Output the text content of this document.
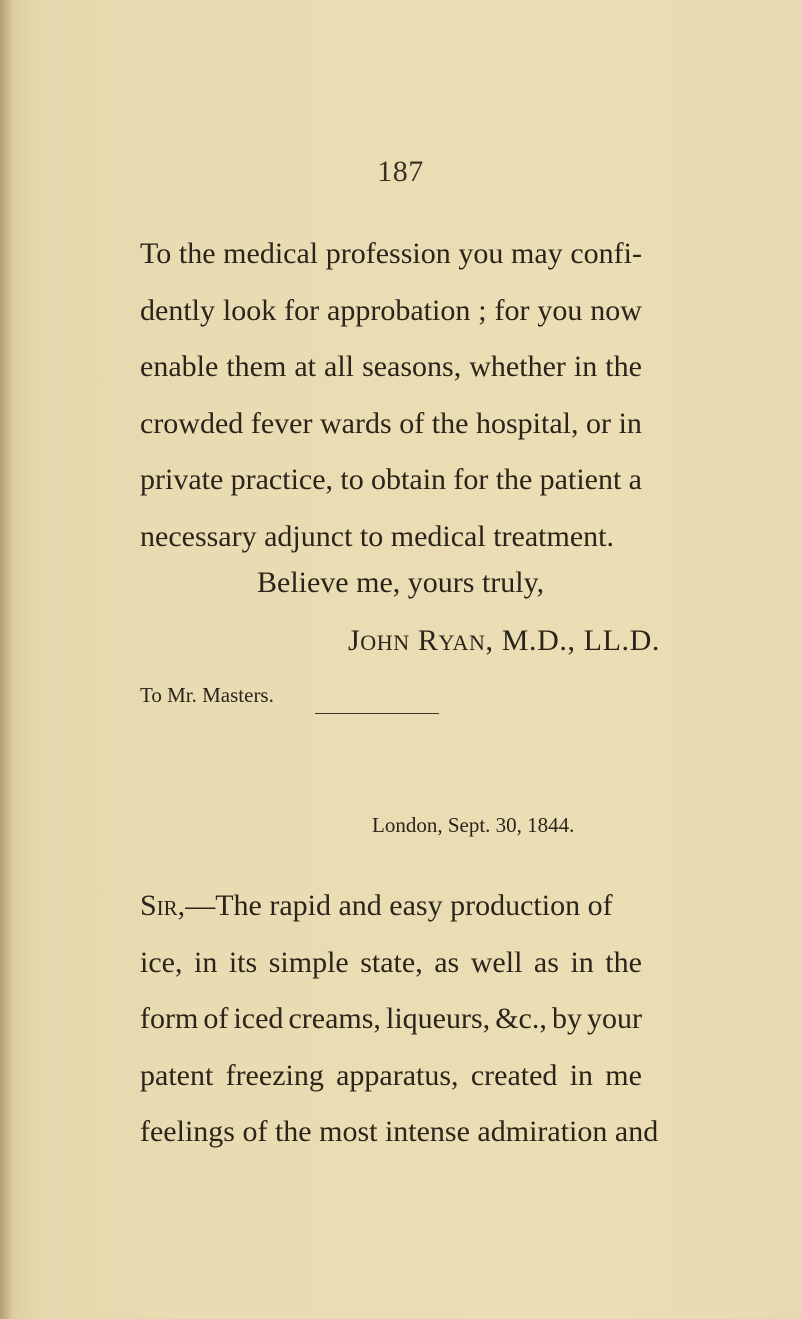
187
To the medical profession you may confi-
dently look for approbation ; for you now
enable them at all seasons, whether in the
crowded fever wards of the hospital, or in
private practice, to obtain for the patient a
necessary adjunct to medical treatment.
Believe me, yours truly,
JOHN RYAN, M.D., LL.D.
To Mr. Masters.
London, Sept. 30, 1844.
Sir,—The rapid and easy production of
ice, in its simple state, as well as in the
form of iced creams, liqueurs, &c., by your
patent freezing apparatus, created in me
feelings of the most intense admiration and
